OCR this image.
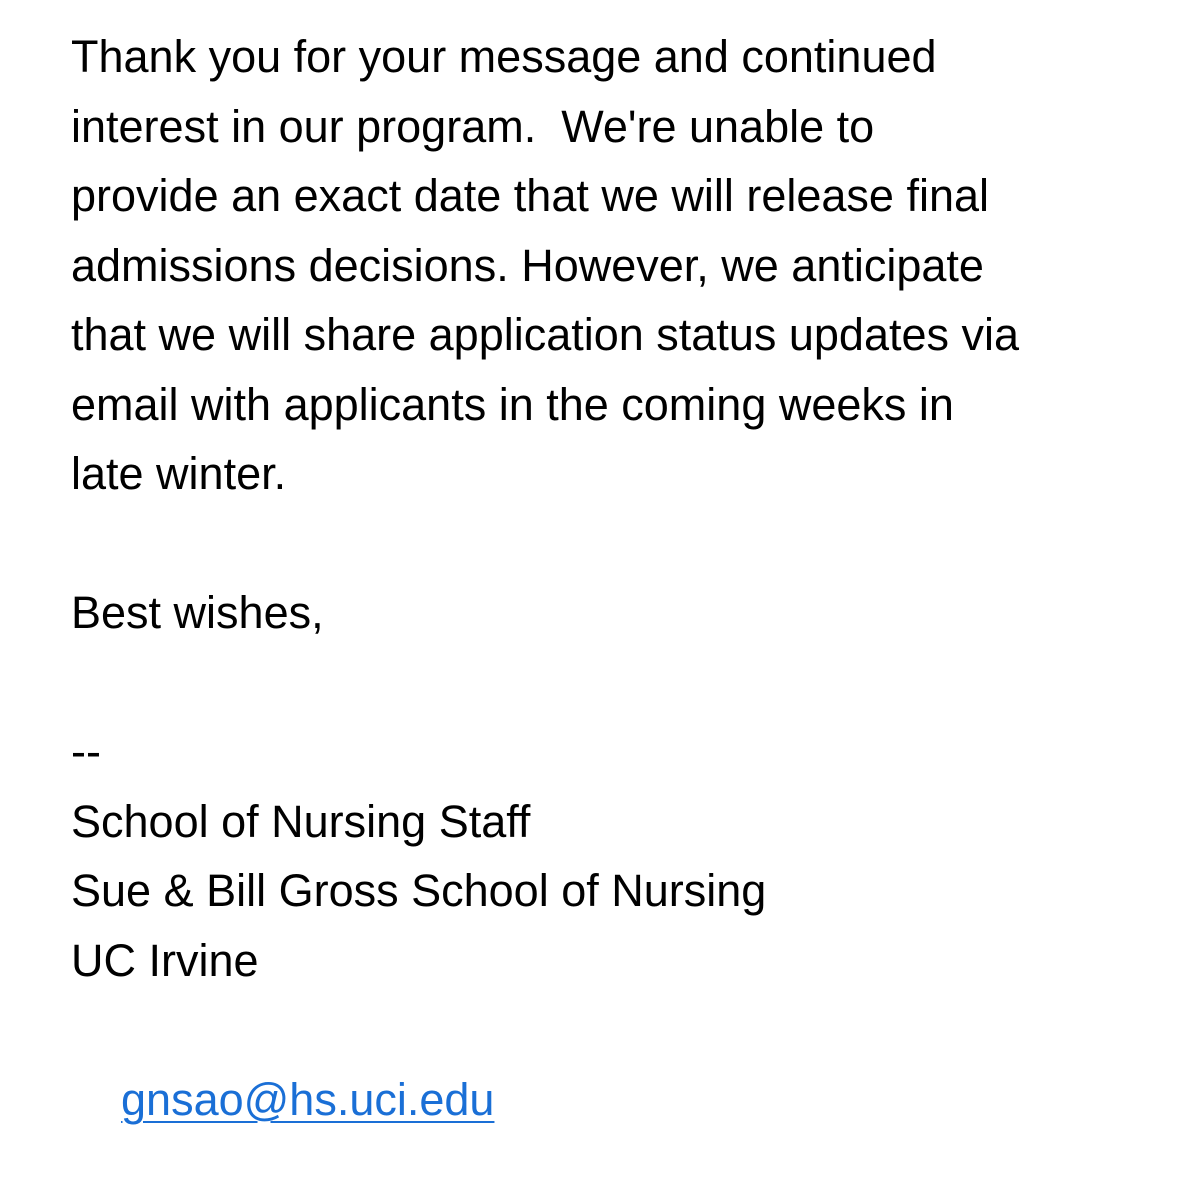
Thank you for your message and continued
interest in our program.  We're unable to
provide an exact date that we will release final
admissions decisions. However, we anticipate
that we will share application status updates via
email with applicants in the coming weeks in
late winter.
Best wishes,
--
School of Nursing Staff
Sue & Bill Gross School of Nursing
UC Irvine

gnsao@hs.uci.edu
